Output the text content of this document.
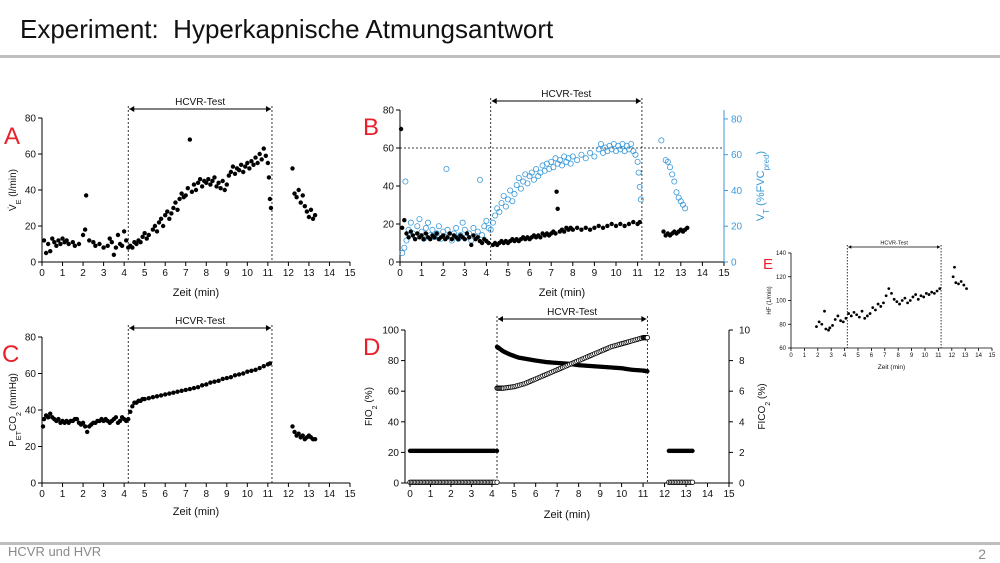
Experiment:  Hyperkapnische Atmungsantwort
HCVR und HVR	2
0 1 2 3 4 5 6 7 8 9 10 11 12 13 14 15
0
20
40
60
80
HCVR-Test
A
Zeit (min)
$V̇_E$ (l/min)
0 1 2 3 4 5 6 7 8 9 10 11 12 13 14 15
0
20
40
60
80
0
20
40
60
80
HCVR-Test
B
Zeit (min)
$V_T$ $(\%FVC_{pred})$
0 1 2 3 4 5 6 7 8 9 10 11 12 13 14 15
0
20
40
60
80
HCVR-Test
C
Zeit (min)
$P_{ET}CO_2$ (mmHg)
0 1 2 3 4 5 6 7 8 9 10 11 12 13 14 15
0
20
40
60
80
100
0
2
4
6
8
10
HCVR-Test
D
Zeit (min)
$FIO_2$ (%)
$FICO_2$ (%)
0 1 2 3 4 5 6 7 8 9 10 11 12 13 14 15
60
80
100
120
140
HCVR-Test
E
Zeit (min)
HF (1/min)
